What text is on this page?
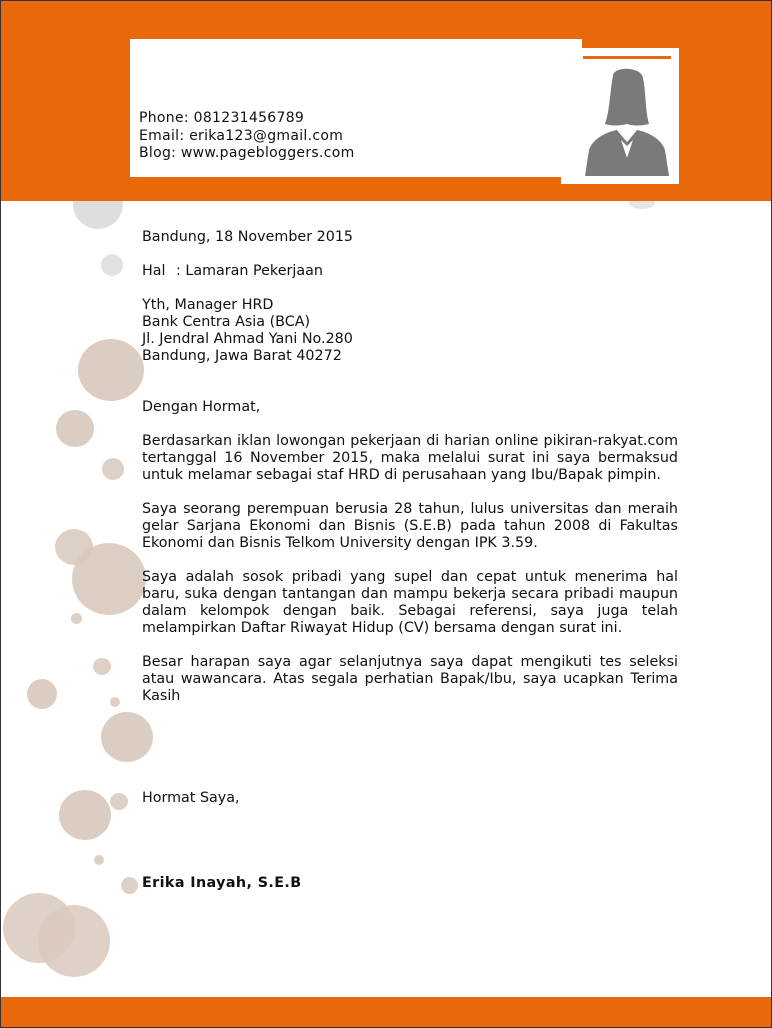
Phone: 081231456789
Email: erika123@gmail.com
Blog: www.pagebloggers.com

Bandung, 18 November 2015

Hal : Lamaran Pekerjaan

Yth, Manager HRD

Bank Centra Asia (BCA)

Jl. Jendral Ahmad Yani No.280

Bandung, Jawa Barat 40272

Dengan Hormat,

Berdasarkan iklan lowongan pekerjaan di harian online pikiran-rakyat.com tertanggal 16 November 2015, maka melalui surat ini saya bermaksud untuk melamar sebagai staf HRD di perusahaan yang Ibu/Bapak pimpin.

Saya seorang perempuan berusia 28 tahun, lulus universitas dan meraih gelar Sarjana Ekonomi dan Bisnis (S.E.B) pada tahun 2008 di Fakultas Ekonomi dan Bisnis Telkom University dengan IPK 3.59.

Saya adalah sosok pribadi yang supel dan cepat untuk menerima hal baru, suka dengan tantangan dan mampu bekerja secara pribadi maupun dalam kelompok dengan baik. Sebagai referensi, saya juga telah melampirkan Daftar Riwayat Hidup (CV) bersama dengan surat ini.

Besar harapan saya agar selanjutnya saya dapat mengikuti tes seleksi atau wawancara. Atas segala perhatian Bapak/Ibu, saya ucapkan Terima Kasih

Hormat Saya,

Erika Inayah, S.E.B
